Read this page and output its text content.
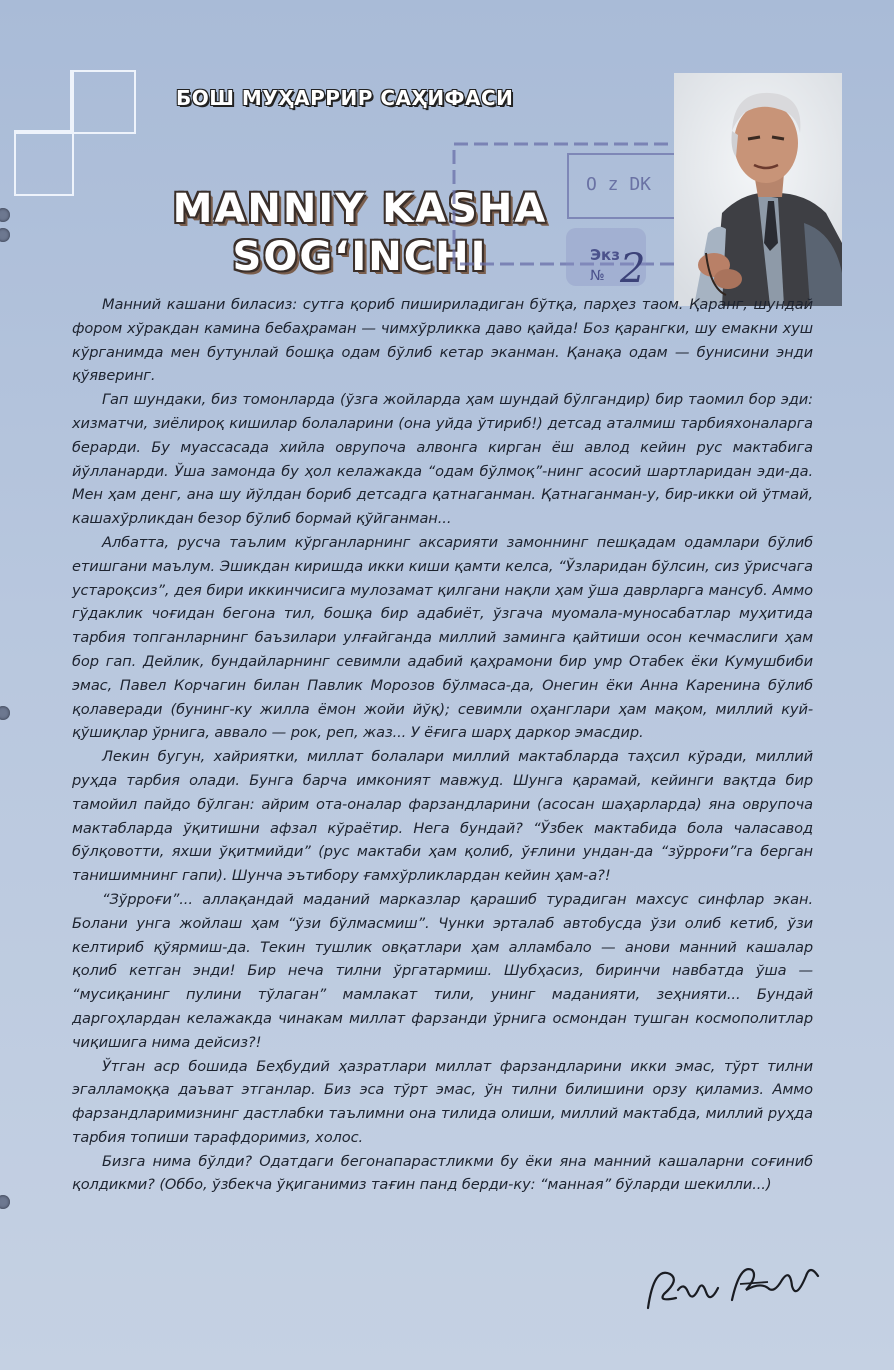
БОШ МУҲАРРИР САҲИФАСИ
MANNIY KASHA
SOG‘INCHI
O z DK
Экз
№ 2

Манний кашани биласиз: сутга қориб пишириладиган бўтқа, парҳез таом. Қаранг, шундай фором хўракдан камина бебаҳраман — чимхўрликка даво қайда! Боз қарангки, шу емакни хуш кўрганимда мен бутунлай бошқа одам бўлиб кетар эканман. Қанақа одам — бунисини энди қўяверинг.

Гап шундаки, биз томонларда (ўзга жойларда ҳам шундай бўлгандир) бир таомил бор эди: хизматчи, зиёлироқ кишилар болаларини (она уйда ўтириб!) детсад аталмиш тарбияхоналарга берарди. Бу муассасада хийла оврупоча алвонга кирган ёш авлод кейин рус мактабига йўлланарди. Ўша замонда бу ҳол келажакда “одам бўлмоқ”-нинг асосий шартларидан эди-да. Мен ҳам денг, ана шу йўлдан бориб детсадга қатнаганман. Қатнаганман-у, бир-икки ой ўтмай, кашахўрликдан безор бўлиб бормай қўйганман...

Албатта, русча таълим кўрганларнинг аксарияти замоннинг пешқадам одамлари бўлиб етишгани маълум. Эшикдан киришда икки киши қамти келса, “Ўзларидан бўлсин, сиз ўрисчага устароқсиз”, дея бири иккинчисига мулозамат қилгани нақли ҳам ўша даврларга мансуб. Аммо гўдаклик чоғидан бегона тил, бошқа бир адабиёт, ўзгача муомала-муносабатлар муҳитида тарбия топганларнинг баъзилари улғайганда миллий заминга қайтиши осон кечмаслиги ҳам бор гап. Дейлик, бундайларнинг севимли адабий қаҳрамони бир умр Отабек ёки Кумушбиби эмас, Павел Корчагин билан Павлик Морозов бўлмаса-да, Онегин ёки Анна Каренина бўлиб қолаверади (бунинг-ку жилла ёмон жойи йўқ); севимли оҳанглари ҳам мақом, миллий куй-қўшиқлар ўрнига, аввало — рок, реп, жаз... У ёғига шарҳ даркор эмасдир.

Лекин бугун, хайриятки, миллат болалари миллий мактабларда таҳсил кўради, миллий руҳда тарбия олади. Бунга барча имконият мавжуд. Шунга қарамай, кейинги вақтда бир тамойил пайдо бўлган: айрим ота-оналар фарзандларини (асосан шаҳарларда) яна оврупоча мактабларда ўқитишни афзал кўраётир. Нега бундай? “Ўзбек мактабида бола чаласавод бўлқовотти, яхши ўқитмийди” (рус мактаби ҳам қолиб, ўғлини ундан-да “зўрроғи”га берган танишимнинг гапи). Шунча эътибору ғамхўрликлардан кейин ҳам-а?!

“Зўрроғи”... аллақандай маданий марказлар қарашиб турадиган махсус синфлар экан. Болани унга жойлаш ҳам “ўзи бўлмасмиш”. Чунки эрталаб автобусда ўзи олиб кетиб, ўзи келтириб қўярмиш-да. Текин тушлик овқатлари ҳам алламбало — анови манний кашалар қолиб кетган энди! Бир неча тилни ўргатармиш. Шубҳасиз, биринчи навбатда ўша — “мусиқанинг пулини тўлаган” мамлакат тили, унинг маданияти, зеҳнияти... Бундай даргоҳлардан келажакда чинакам миллат фарзанди ўрнига осмондан тушган космополитлар чиқишига нима дейсиз?!

Ўтган аср бошида Беҳбудий ҳазратлари миллат фарзандларини икки эмас, тўрт тилни эгалламоққа даъват этганлар. Биз эса тўрт эмас, ўн тилни билишини орзу қиламиз. Аммо фарзандларимизнинг дастлабки таълимни она тилида олиши, миллий мактабда, миллий руҳда тарбия топиши тарафдоримиз, холос.

Бизга нима бўлди? Одатдаги бегонапарастликми бу ёки яна манний кашаларни соғиниб қолдикми? (Оббо, ўзбекча ўқиганимиз тағин панд берди-ку: “манная” бўларди шекилли...)
